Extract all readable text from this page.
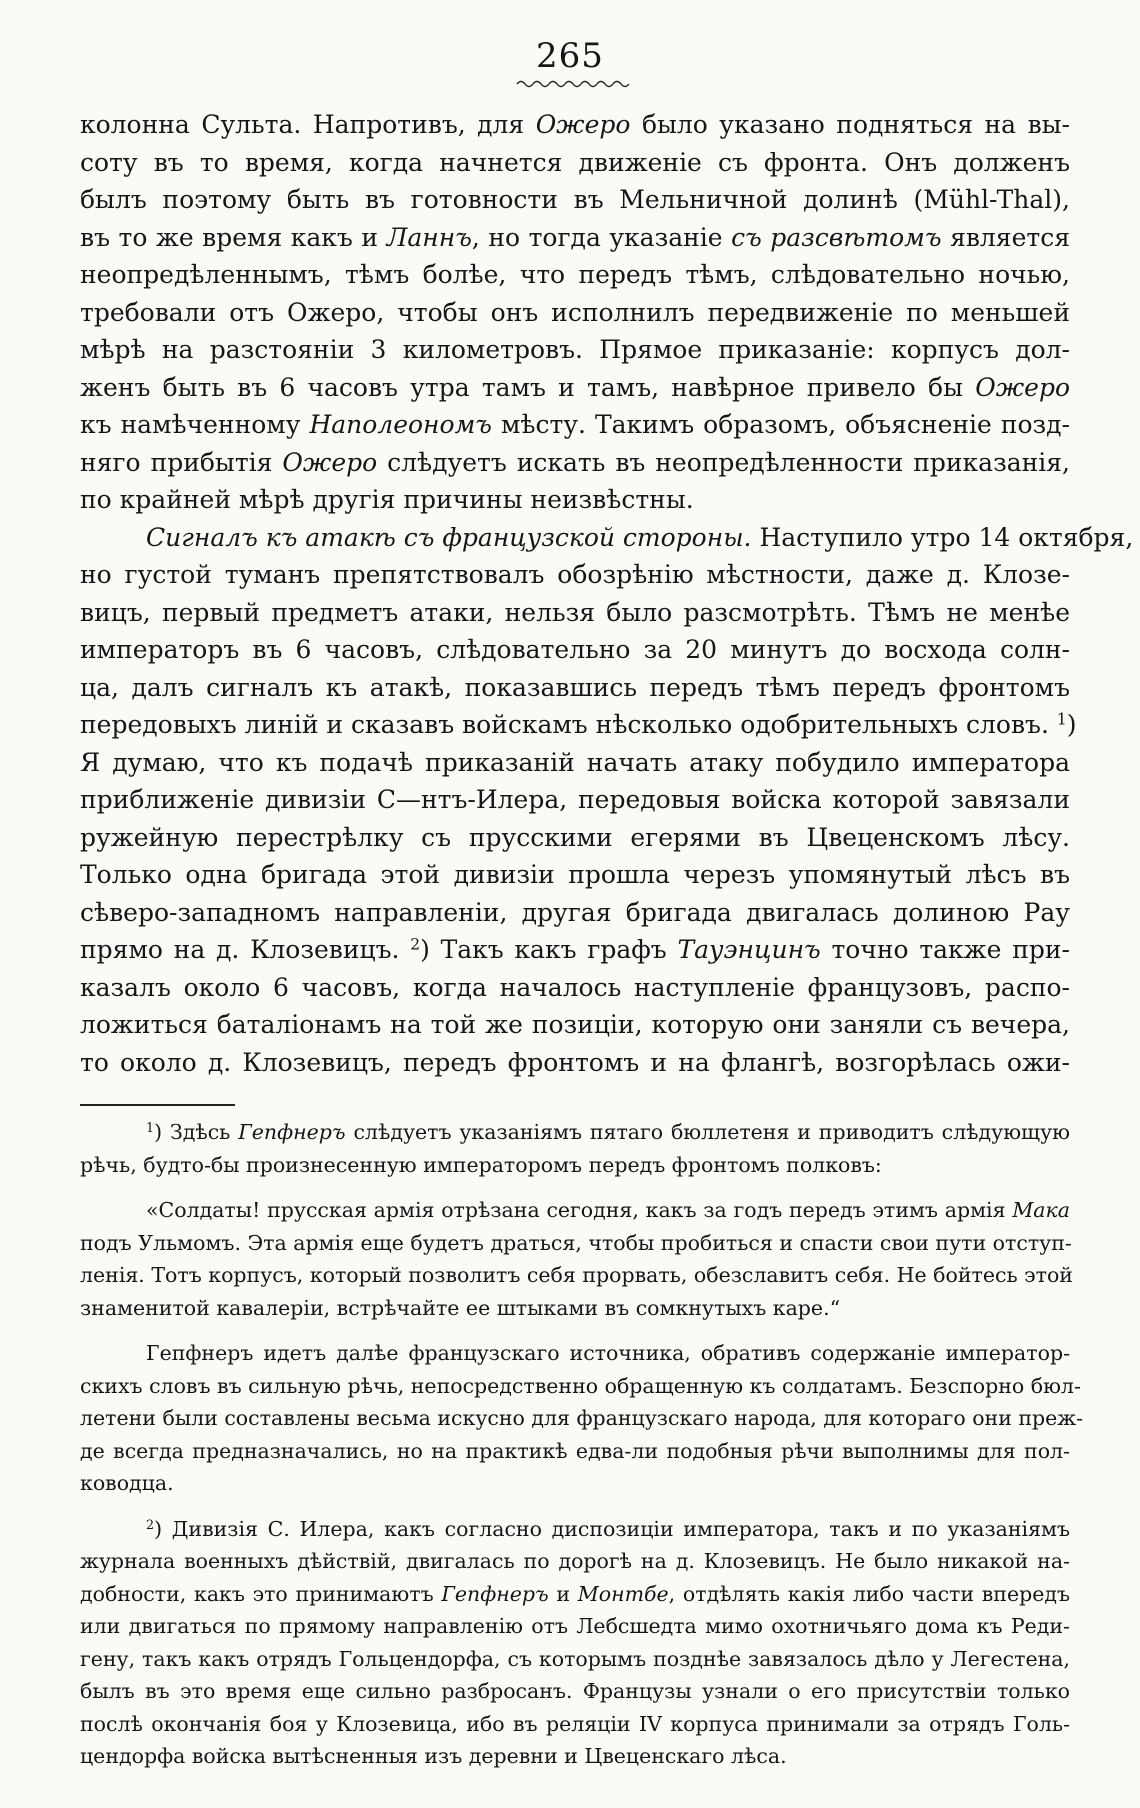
265
колонна Сульта. Напротивъ, для Ожеро было указано подняться на вы-
соту въ то время, когда начнется движеніе съ фронта. Онъ долженъ
былъ поэтому быть въ готовности въ Мельничной долинѣ (Mühl-Thal),
въ то же время какъ и Ланнъ, но тогда указаніе съ разсвѣтомъ является
неопредѣленнымъ, тѣмъ болѣе, что передъ тѣмъ, слѣдовательно ночью,
требовали отъ Ожеро, чтобы онъ исполнилъ передвиженіе по меньшей
мѣрѣ на разстояніи 3 километровъ. Прямое приказаніе: корпусъ дол-
женъ быть въ 6 часовъ утра тамъ и тамъ, навѣрное привело бы Ожеро
къ намѣченному Наполеономъ мѣсту. Такимъ образомъ, объясненіе позд-
няго прибытія Ожеро слѣдуетъ искать въ неопредѣленности приказанія,
по крайней мѣрѣ другія причины неизвѣстны.
Сигналъ къ атакѣ съ французской стороны. Наступило утро 14 октября,
но густой туманъ препятствовалъ обозрѣнію мѣстности, даже д. Клозе-
вицъ, первый предметъ атаки, нельзя было разсмотрѣть. Тѣмъ не менѣе
императоръ въ 6 часовъ, слѣдовательно за 20 минутъ до восхода солн-
ца, далъ сигналъ къ атакѣ, показавшись передъ тѣмъ передъ фронтомъ
передовыхъ линій и сказавъ войскамъ нѣсколько одобрительныхъ словъ. $^1$)
Я думаю, что къ подачѣ приказаній начать атаку побудило императора
приближеніе дивизіи С—нтъ-Илера, передовыя войска которой завязали
ружейную перестрѣлку съ прусскими егерями въ Цвеценскомъ лѣсу.
Только одна бригада этой дивизіи прошла черезъ упомянутый лѣсъ въ
сѣверо-западномъ направленіи, другая бригада двигалась долиною Рау
прямо на д. Клозевицъ. $^2$) Такъ какъ графъ Тауэнцинъ точно также при-
казалъ около 6 часовъ, когда началось наступленіе французовъ, распо-
ложиться баталіонамъ на той же позиціи, которую они заняли съ вечера,
то около д. Клозевицъ, передъ фронтомъ и на флангѣ, возгорѣлась ожи-
$^1$) Здѣсь Гепфнеръ слѣдуетъ указаніямъ пятаго бюллетеня и приводитъ слѣдующую
рѣчь, будто-бы произнесенную императоромъ передъ фронтомъ полковъ:
«Солдаты! прусская армія отрѣзана сегодня, какъ за годъ передъ этимъ армія Мака
подъ Ульмомъ. Эта армія еще будетъ драться, чтобы пробиться и спасти свои пути отступ-
ленія. Тотъ корпусъ, который позволитъ себя прорвать, обезславитъ себя. Не бойтесь этой
знаменитой кавалеріи, встрѣчайте ее штыками въ сомкнутыхъ каре.“
Гепфнеръ идетъ далѣе французскаго источника, обративъ содержаніе император-
скихъ словъ въ сильную рѣчь, непосредственно обращенную къ солдатамъ. Безспорно бюл-
летени были составлены весьма искусно для французскаго народа, для котораго они преж-
де всегда предназначались, но на практикѣ едва-ли подобныя рѣчи выполнимы для пол-
ководца.
$^2$) Дивизія С. Илера, какъ согласно диспозиціи императора, такъ и по указаніямъ
журнала военныхъ дѣйствій, двигалась по дорогѣ на д. Клозевицъ. Не было никакой на-
добности, какъ это принимаютъ Гепфнеръ и Монтбе, отдѣлять какія либо части впередъ
или двигаться по прямому направленію отъ Лебсшедта мимо охотничьяго дома къ Реди-
гену, такъ какъ отрядъ Гольцендорфа, съ которымъ позднѣе завязалось дѣло у Легестена,
былъ въ это время еще сильно разбросанъ. Французы узнали о его присутствіи только
послѣ окончанія боя у Клозевица, ибо въ реляціи IV корпуса принимали за отрядъ Голь-
цендорфа войска вытѣсненныя изъ деревни и Цвеценскаго лѣса.
